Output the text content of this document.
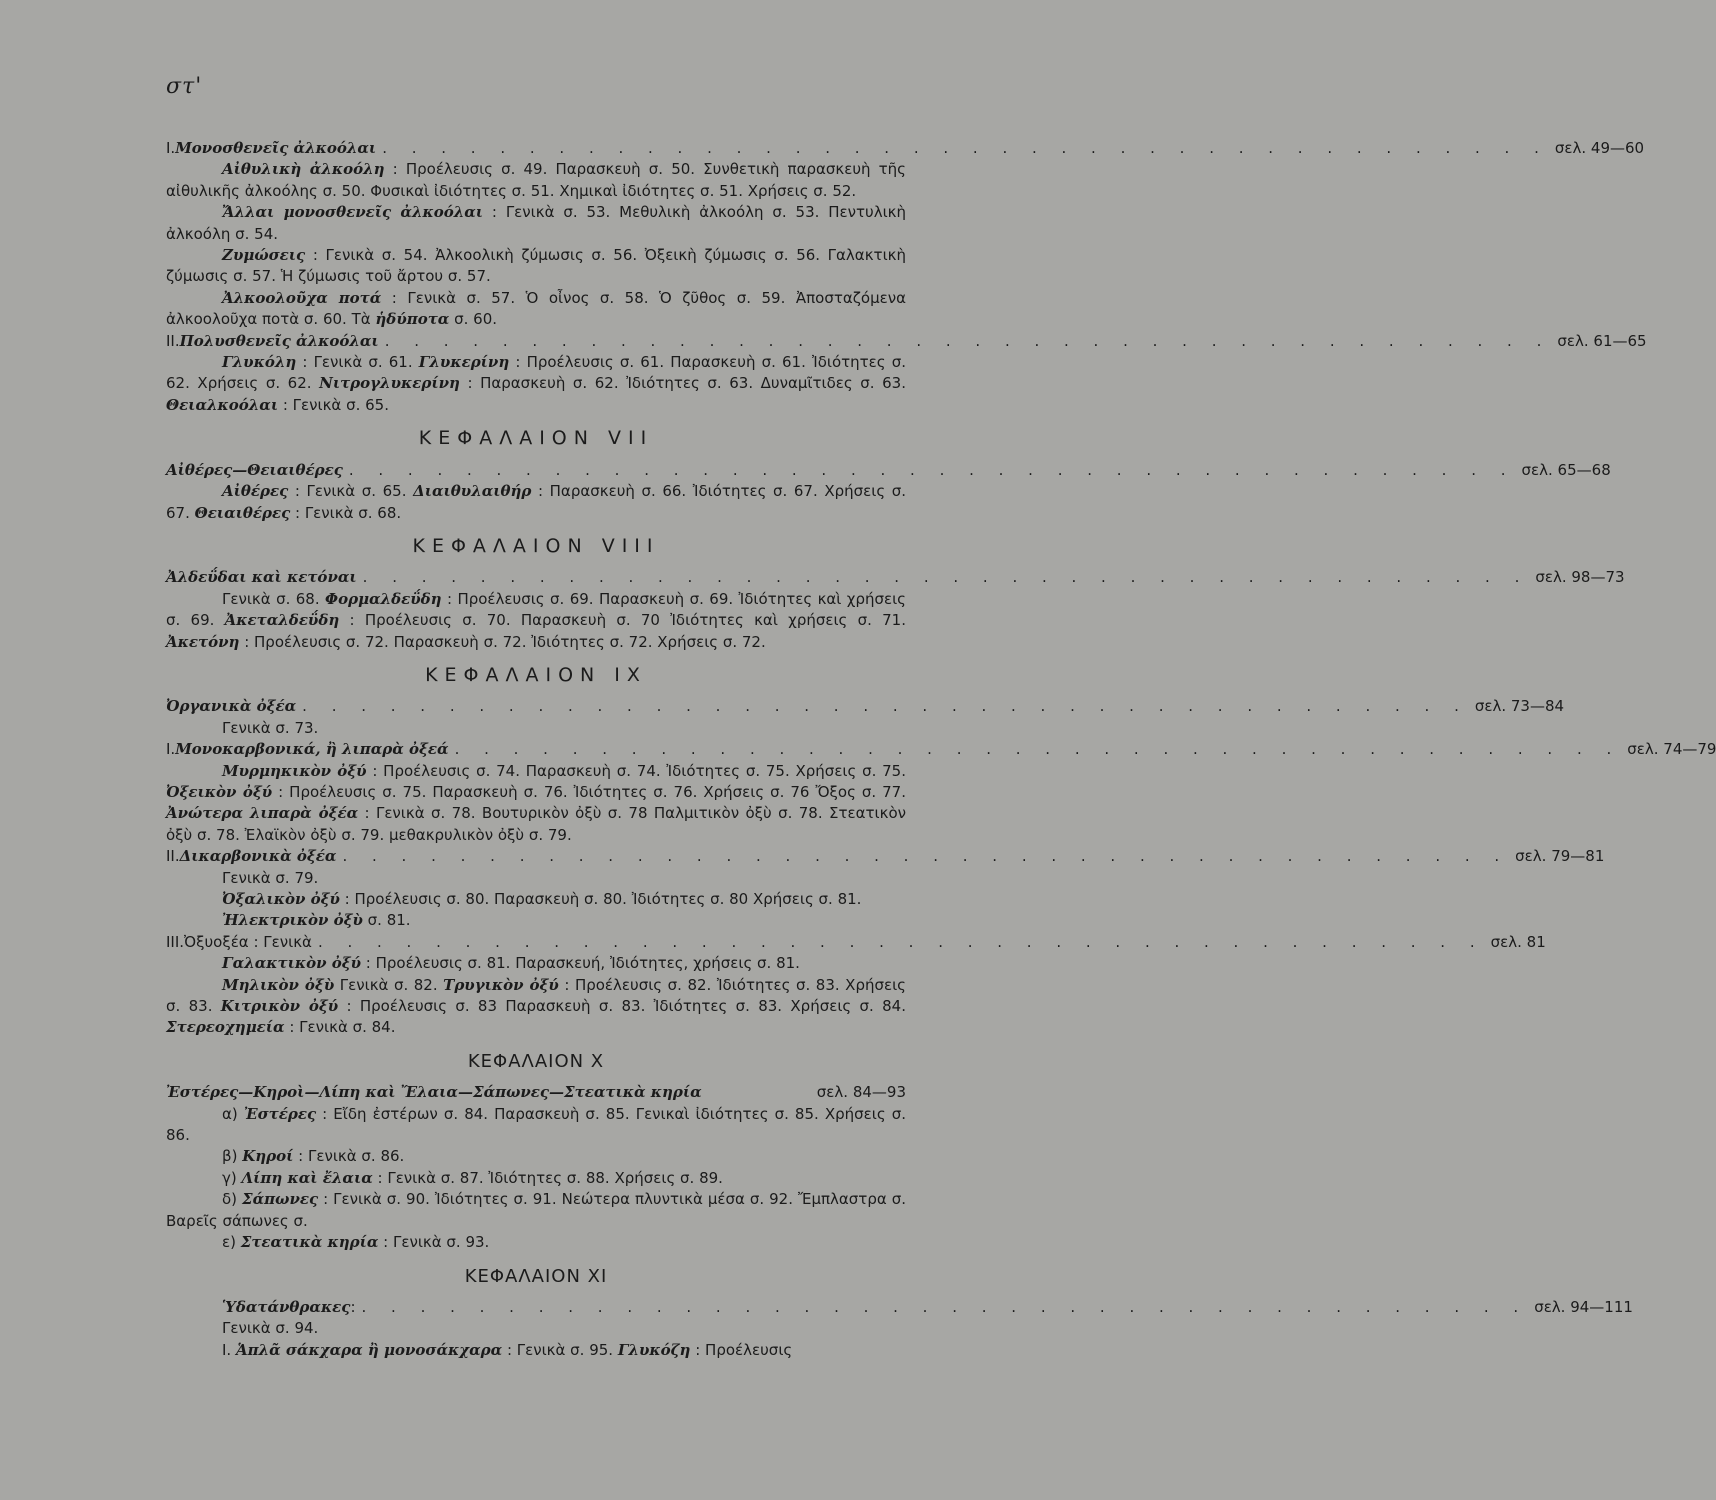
στ'
I. Μονοσθενεῖς ἀλκοόλαι . . . . . . . . . . . . . . . . . . . . . . . . . . . . . . . . . . . . . . . . σελ. 49—60

Αἰθυλικὴ ἀλκοόλη : Προέλευσις σ. 49. Παρασκευὴ σ. 50. Συνθετικὴ παρασκευὴ τῆς αἰθυλικῆς ἀλκοόλης σ. 50. Φυσικαὶ ἰδιότητες σ. 51. Χημικαὶ ἰδιότητες σ. 51. Χρήσεις σ. 52.

Ἄλλαι μονοσθενεῖς ἀλκοόλαι : Γενικὰ σ. 53. Μεθυλικὴ ἀλκοόλη σ. 53. Πεντυλικὴ ἀλκοόλη σ. 54.

Ζυμώσεις : Γενικὰ σ. 54. Ἀλκοολικὴ ζύμωσις σ. 56. Ὀξεικὴ ζύμωσις σ. 56. Γαλακτικὴ ζύμωσις σ. 57. Ἡ ζύμωσις τοῦ ἄρτου σ. 57.

Ἀλκοολοῦχα ποτά : Γενικὰ σ. 57. Ὁ οἶνος σ. 58. Ὁ ζῦθος σ. 59. Ἀποσταζόμενα ἀλκοολοῦχα ποτὰ σ. 60. Τὰ ἡδύποτα σ. 60.

II. Πολυσθενεῖς ἀλκοόλαι . . . . . . . . . . . . . . . . . . . . . . . . . . . . . . . . . . . . . . . . σελ. 61—65

Γλυκόλη : Γενικὰ σ. 61. Γλυκερίνη : Προέλευσις σ. 61. Παρασκευὴ σ. 61. Ἰδιότητες σ. 62. Χρήσεις σ. 62. Νιτρογλυκερίνη : Παρασκευὴ σ. 62. Ἰδιότητες σ. 63. Δυναμῖτιδες σ. 63. Θειαλκοόλαι : Γενικὰ σ. 65.

ΚΕΦΑΛΑΙΟΝ VII
Αἰθέρες—Θειαιθέρες . . . . . . . . . . . . . . . . . . . . . . . . . . . . . . . . . . . . . . . . σελ. 65—68

Αἰθέρες : Γενικὰ σ. 65. Διαιθυλαιθήρ : Παρασκευὴ σ. 66. Ἰδιότητες σ. 67. Χρήσεις σ. 67. Θειαιθέρες : Γενικὰ σ. 68.

ΚΕΦΑΛΑΙΟΝ VIII
Ἀλδεΰδαι καὶ κετόναι . . . . . . . . . . . . . . . . . . . . . . . . . . . . . . . . . . . . . . . . σελ. 98—73

Γενικὰ σ. 68. Φορμαλδεΰδη : Προέλευσις σ. 69. Παρασκευὴ σ. 69. Ἰδιότητες καὶ χρήσεις σ. 69. Ἀκεταλδεΰδη : Προέλευσις σ. 70. Παρασκευὴ σ. 70 Ἰδιότητες καὶ χρήσεις σ. 71. Ἀκετόνη : Προέλευσις σ. 72. Παρασκευὴ σ. 72. Ἰδιότητες σ. 72. Χρήσεις σ. 72.

ΚΕΦΑΛΑΙΟΝ IX
Ὀργανικὰ ὀξέα . . . . . . . . . . . . . . . . . . . . . . . . . . . . . . . . . . . . . . . . σελ. 73—84

Γενικὰ σ. 73.

I. Μονοκαρβονικά, ἢ λιπαρὰ ὀξεά . . . . . . . . . . . . . . . . . . . . . . . . . . . . . . . . . . . . . . . . σελ. 74—79

Μυρμηκικὸν ὀξύ : Προέλευσις σ. 74. Παρασκευὴ σ. 74. Ἰδιότητες σ. 75. Χρήσεις σ. 75. Ὀξεικὸν ὀξύ : Προέλευσις σ. 75. Παρασκευὴ σ. 76. Ἰδιότητες σ. 76. Χρήσεις σ. 76 Ὄξος σ. 77. Ἀνώτερα λιπαρὰ ὀξέα : Γενικὰ σ. 78. Βουτυρικὸν ὀξὺ σ. 78 Παλμιτικὸν ὀξὺ σ. 78. Στεατικὸν ὀξὺ σ. 78. Ἐλαϊκὸν ὀξὺ σ. 79. μεθακρυλικὸν ὀξὺ σ. 79.

II. Δικαρβονικὰ ὀξέα . . . . . . . . . . . . . . . . . . . . . . . . . . . . . . . . . . . . . . . . σελ. 79—81

Γενικὰ σ. 79.

Ὀξαλικὸν ὀξύ : Προέλευσις σ. 80. Παρασκευὴ σ. 80. Ἰδιότητες σ. 80 Χρήσεις σ. 81.

Ἠλεκτρικὸν ὀξὺ σ. 81.

III. Ὀξυοξέα : Γενικὰ . . . . . . . . . . . . . . . . . . . . . . . . . . . . . . . . . . . . . . . . σελ. 81

Γαλακτικὸν ὀξύ : Προέλευσις σ. 81. Παρασκευή, Ἰδιότητες, χρήσεις σ. 81.

Μηλικὸν ὀξὺ Γενικὰ σ. 82. Τρυγικὸν ὀξύ : Προέλευσις σ. 82. Ἰδιότητες σ. 83. Χρήσεις σ. 83. Κιτρικὸν ὀξύ : Προέλευσις σ. 83 Παρασκευὴ σ. 83. Ἰδιότητες σ. 83. Χρήσεις σ. 84. Στερεοχημεία : Γενικὰ σ. 84.

ΚΕΦΑΛΑΙΟΝ X
Ἐστέρες—Κηροὶ—Λίπη καὶ Ἔλαια—Σάπωνες—Στεατικὰ κηρία	σελ. 84—93

α) Ἐστέρες : Εἴδη ἐστέρων σ. 84. Παρασκευὴ σ. 85. Γενικαὶ ἰδιότητες σ. 85. Χρήσεις σ. 86.

β) Κηροί : Γενικὰ σ. 86.

γ) Λίπη καὶ ἔλαια : Γενικὰ σ. 87. Ἰδιότητες σ. 88. Χρήσεις σ. 89.

δ) Σάπωνες : Γενικὰ σ. 90. Ἰδιότητες σ. 91. Νεώτερα πλυντικὰ μέσα σ. 92. Ἔμπλαστρα σ. Βαρεῖς σάπωνες σ.

ε) Στεατικὰ κηρία : Γενικὰ σ. 93.

ΚΕΦΑΛΑΙΟΝ XI
Ὑδατάνθρακες : . . . . . . . . . . . . . . . . . . . . . . . . . . . . . . . . . . . . . . . . σελ. 94—111

Γενικὰ σ. 94.

I. Ἁπλᾶ σάκχαρα ἢ μονοσάκχαρα : Γενικὰ σ. 95. Γλυκόζη : Προέλευσις
